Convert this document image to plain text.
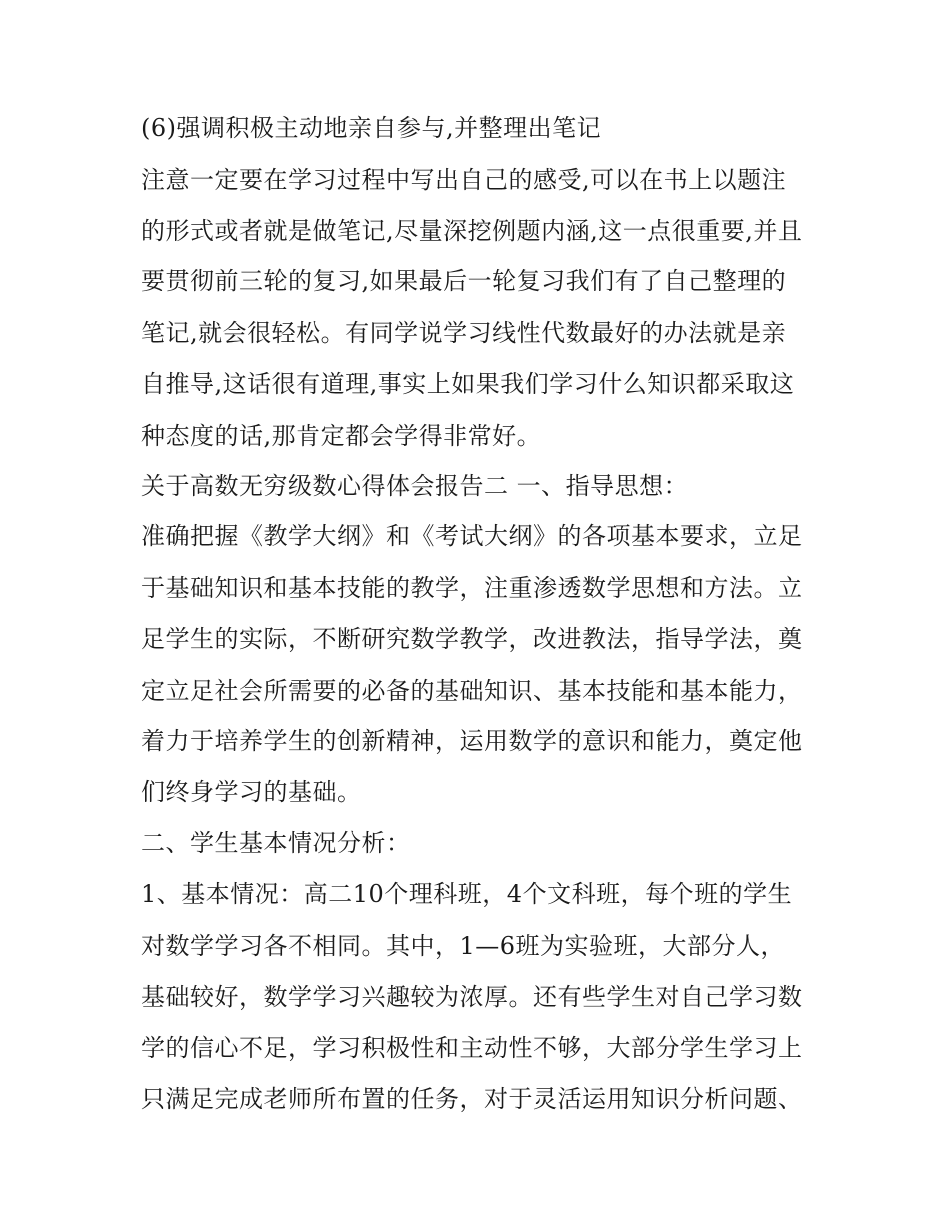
(6)强调积极主动地亲自参与,并整理出笔记
注意一定要在学习过程中写出自己的感受,可以在书上以题注
的形式或者就是做笔记,尽量深挖例题内涵,这一点很重要,并且
要贯彻前三轮的复习,如果最后一轮复习我们有了自己整理的
笔记,就会很轻松。有同学说学习线性代数最好的办法就是亲
自推导,这话很有道理,事实上如果我们学习什么知识都采取这
种态度的话,那肯定都会学得非常好。
关于高数无穷级数心得体会报告二 一、指导思想：
准确把握《教学大纲》和《考试大纲》的各项基本要求，立足
于基础知识和基本技能的教学，注重渗透数学思想和方法。立
足学生的实际，不断研究数学教学，改进教法，指导学法，奠
定立足社会所需要的必备的基础知识、基本技能和基本能力，
着力于培养学生的创新精神，运用数学的意识和能力，奠定他
们终身学习的基础。
二、学生基本情况分析：
1、基本情况：高二10个理科班，4个文科班，每个班的学生
对数学学习各不相同。其中，1—6班为实验班，大部分人，
基础较好，数学学习兴趣较为浓厚。还有些学生对自己学习数
学的信心不足，学习积极性和主动性不够，大部分学生学习上
只满足完成老师所布置的任务，对于灵活运用知识分析问题、
